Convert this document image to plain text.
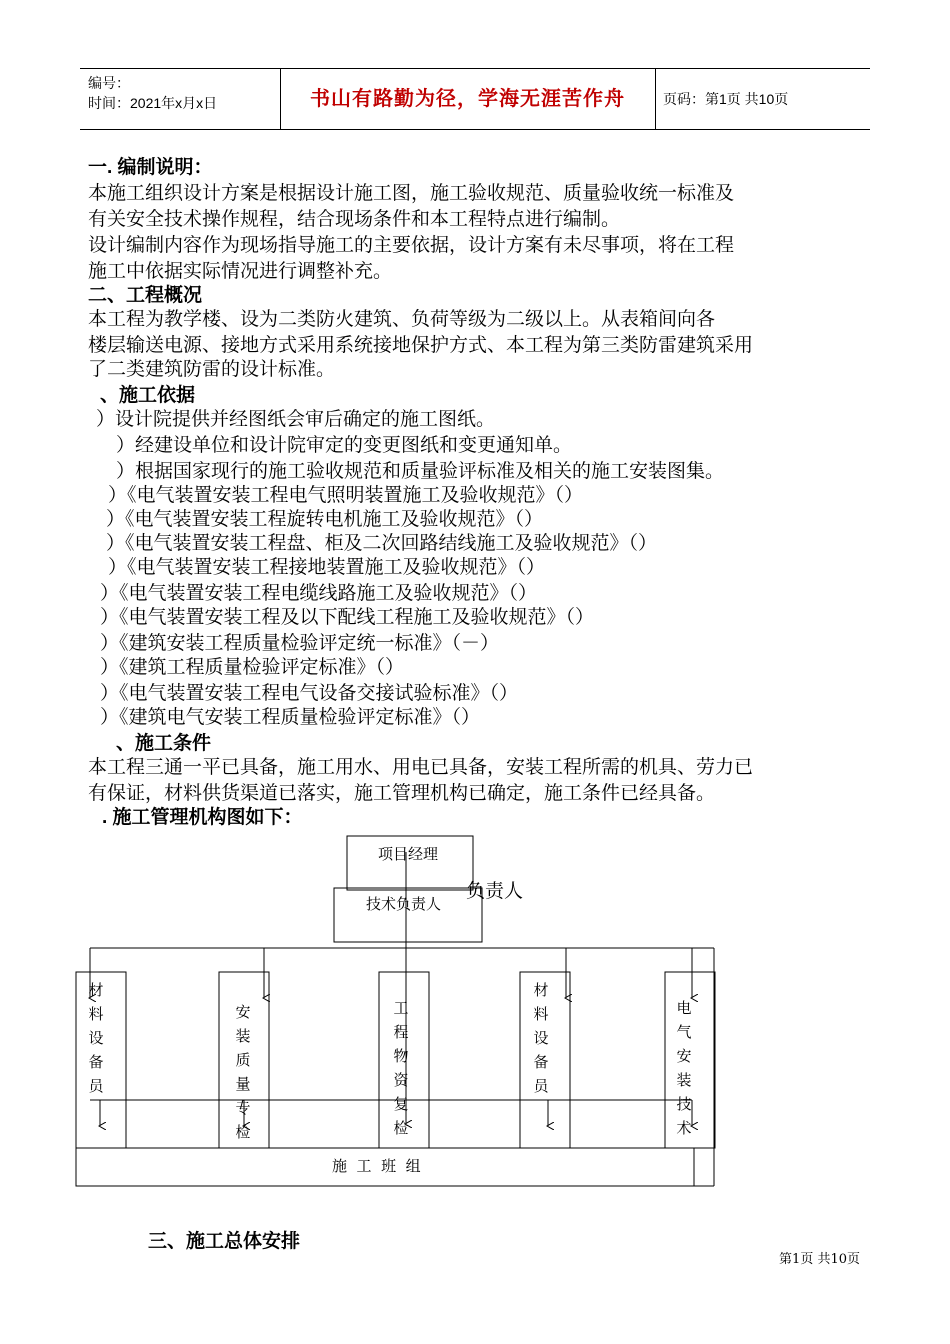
编号：
时间：2021年x月x日	书山有路勤为径，学海无涯苦作舟	页码：第1页 共10页
一. 编制说明：
本施工组织设计方案是根据设计施工图，施工验收规范、质量验收统一标准及
有关安全技术操作规程，结合现场条件和本工程特点进行编制。
设计编制内容作为现场指导施工的主要依据，设计方案有未尽事项，将在工程
施工中依据实际情况进行调整补充。
二、工程概况
本工程为教学楼、设为二类防火建筑、负荷等级为二级以上。从表箱间向各
楼层输送电源、接地方式采用系统接地保护方式、本工程为第三类防雷建筑采用
了二类建筑防雷的设计标准。
、施工依据
）设计院提供并经图纸会审后确定的施工图纸。
）经建设单位和设计院审定的变更图纸和变更通知单。
）根据国家现行的施工验收规范和质量验评标准及相关的施工安装图集。
）《电气装置安装工程电气照明装置施工及验收规范》（）
）《电气装置安装工程旋转电机施工及验收规范》（）
）《电气装置安装工程盘、柜及二次回路结线施工及验收规范》（）
）《电气装置安装工程接地装置施工及验收规范》（）
）《电气装置安装工程电缆线路施工及验收规范》（）
）《电气装置安装工程及以下配线工程施工及验收规范》（）
）《建筑安装工程质量检验评定统一标准》（－）
）《建筑工程质量检验评定标准》（）
）《电气装置安装工程电气设备交接试验标准》（）
）《建筑电气安装工程质量检验评定标准》（）
、施工条件
本工程三通一平已具备，施工用水、用电已具备，安装工程所需的机具、劳力已
有保证，材料供货渠道已落实，施工管理机构已确定，施工条件已经具备。
. 施工管理机构图如下：
项目经理
负责人
技术负责人
材料设备员
安装质量专检
工程物资复检
材料设备员
电气安装技术
施  工  班  组
三、施工总体安排
第1页 共10页
